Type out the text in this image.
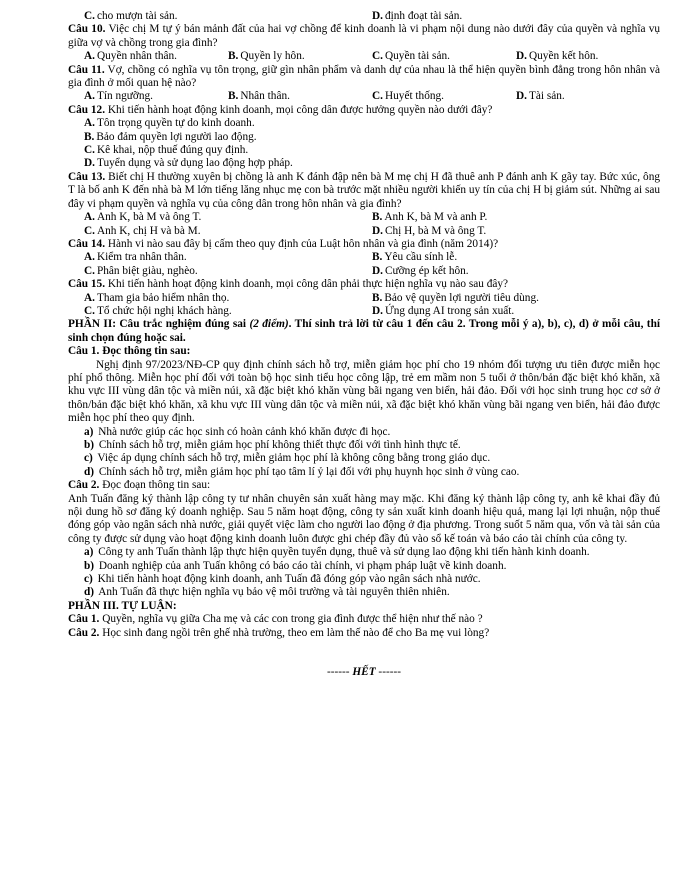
C. cho mượn tài sản.	D. định đoạt tài sản.
Câu 10. Việc chị M tự ý bán mảnh đất của hai vợ chồng để kinh doanh là vi phạm nội dung nào dưới đây của quyền và nghĩa vụ giữa vợ và chồng trong gia đình?
A. Quyền nhân thân.	B. Quyền ly hôn.	C. Quyền tài sản.	D. Quyền kết hôn.
Câu 11. Vợ, chồng có nghĩa vụ tôn trọng, giữ gìn nhân phẩm và danh dự của nhau là thể hiện quyền bình đẳng trong hôn nhân và gia đình ở mối quan hệ nào?
A. Tín ngưỡng.	B. Nhân thân.	C. Huyết thống.	D. Tài sản.
Câu 12. Khi tiến hành hoạt động kinh doanh, mọi công dân được hưởng quyền nào dưới đây?
A. Tôn trọng quyền tự do kinh doanh.
B. Bảo đảm quyền lợi người lao động.
C. Kê khai, nộp thuế đúng quy định.
D. Tuyển dụng và sử dụng lao động hợp pháp.
Câu 13. Biết chị H thường xuyên bị chồng là anh K đánh đập nên bà M mẹ chị H đã thuê anh P đánh anh K gãy tay. Bức xúc, ông T là bố anh K đến nhà bà M lớn tiếng lăng nhục mẹ con bà trước mặt nhiều người khiến uy tín của chị H bị giảm sút. Những ai sau đây vi phạm quyền và nghĩa vụ của công dân trong hôn nhân và gia đình?
A. Anh K, bà M và ông T.	B. Anh K, bà M và anh P.
C. Anh K, chị H và bà M.	D. Chị H, bà M và ông T.
Câu 14. Hành vi nào sau đây bị cấm theo quy định của Luật hôn nhân và gia đình (năm 2014)?
A. Kiểm tra nhân thân.	B. Yêu cầu sính lễ.
C. Phân biệt giàu, nghèo.	D. Cưỡng ép kết hôn.
Câu 15. Khi tiến hành hoạt động kinh doanh, mọi công dân phải thực hiện nghĩa vụ nào sau đây?
A. Tham gia bảo hiểm nhân thọ.	B. Bảo vệ quyền lợi người tiêu dùng.
C. Tổ chức hội nghị khách hàng.	D. Ứng dụng AI trong sản xuất.
PHẦN II: Câu trắc nghiệm đúng sai (2 điểm). Thí sinh trả lời từ câu 1 đến câu 2. Trong mỗi ý a), b), c), d) ở mỗi câu, thí sinh chọn đúng hoặc sai.
Câu 1. Đọc thông tin sau:
Nghị định 97/2023/NĐ-CP quy định chính sách hỗ trợ, miễn giảm học phí cho 19 nhóm đối tượng ưu tiên được miễn học phí phổ thông. Miễn học phí đối với toàn bộ học sinh tiểu học công lập, trẻ em mầm non 5 tuổi ở thôn/bản đặc biệt khó khăn, xã khu vực III vùng dân tộc và miền núi, xã đặc biệt khó khăn vùng bãi ngang ven biển, hải đảo. Đối với học sinh trung học cơ sở ở thôn/bản đặc biệt khó khăn, xã khu vực III vùng dân tộc và miền núi, xã đặc biệt khó khăn vùng bãi ngang ven biển, hải đảo được miễn học phí theo quy định.
a) Nhà nước giúp các học sinh có hoàn cảnh khó khăn được đi học.
b) Chính sách hỗ trợ, miễn giảm học phí không thiết thực đối với tình hình thực tế.
c) Việc áp dụng chính sách hỗ trợ, miễn giảm học phí là không công bằng trong giáo dục.
d) Chính sách hỗ trợ, miễn giảm học phí tạo tâm lí ỷ lại đối với phụ huynh học sinh ở vùng cao.
Câu 2. Đọc đoạn thông tin sau:
Anh Tuấn đăng ký thành lập công ty tư nhân chuyên sản xuất hàng may mặc. Khi đăng ký thành lập công ty, anh kê khai đầy đủ nội dung hồ sơ đăng ký doanh nghiệp. Sau 5 năm hoạt động, công ty sản xuất kinh doanh hiệu quả, mang lại lợi nhuận, nộp thuế đóng góp vào ngân sách nhà nước, giải quyết việc làm cho người lao động ở địa phương. Trong suốt 5 năm qua, vốn và tài sản của công ty được sử dụng vào hoạt động kinh doanh luôn được ghi chép đầy đủ vào sổ kế toán và báo cáo tài chính của công ty.
a) Công ty anh Tuấn thành lập thực hiện quyền tuyển dụng, thuê và sử dụng lao động khi tiến hành kinh doanh.
b) Doanh nghiệp của anh Tuấn không có báo cáo tài chính, vi phạm pháp luật về kinh doanh.
c) Khi tiến hành hoạt động kinh doanh, anh Tuấn đã đóng góp vào ngân sách nhà nước.
d) Anh Tuấn đã thực hiện nghĩa vụ bảo vệ môi trường và tài nguyên thiên nhiên.
PHẦN III. TỰ LUẬN:
Câu 1. Quyền, nghĩa vụ giữa Cha mẹ và các con trong gia đình được thể hiện như thế nào ?
Câu 2. Học sinh đang ngồi trên ghế nhà trường, theo em làm thế nào để cho Ba mẹ vui lòng?
------ HẾT ------
